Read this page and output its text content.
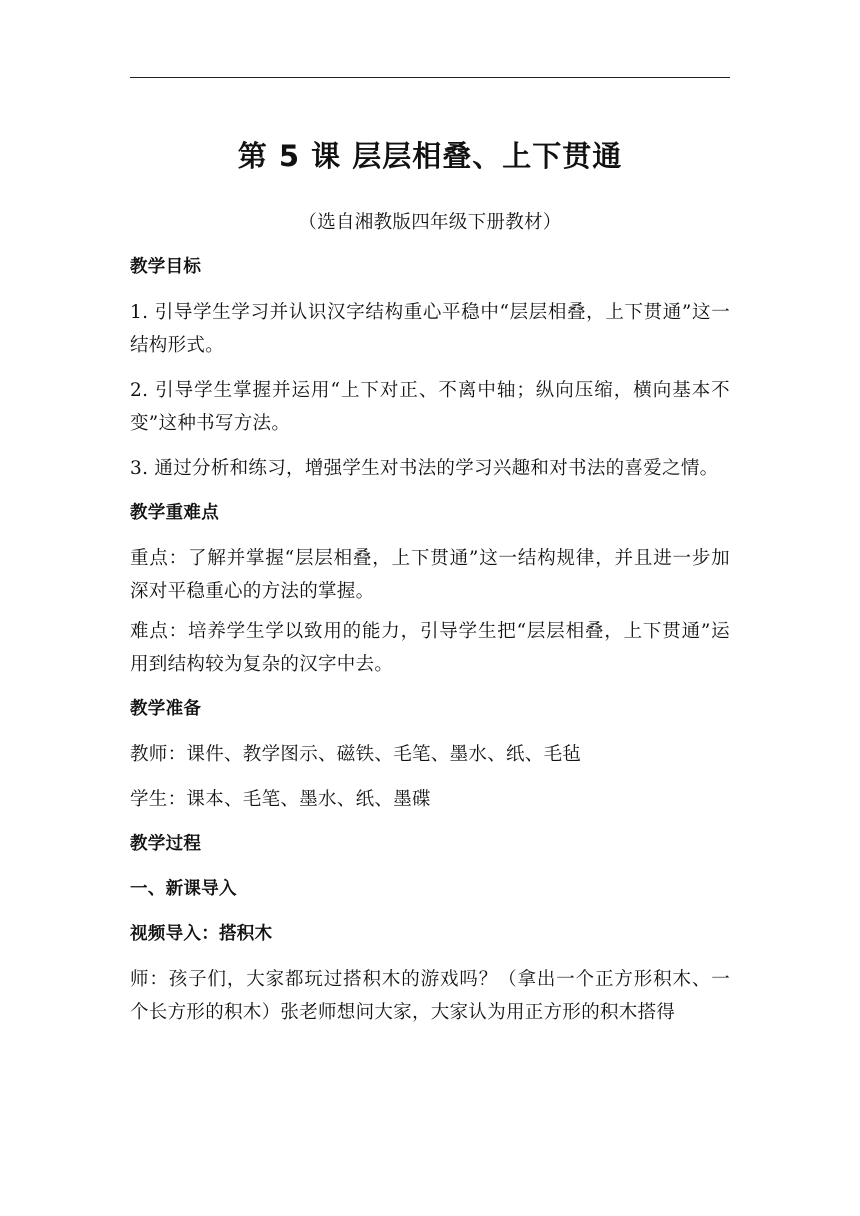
第 5 课 层层相叠、上下贯通
（选自湘教版四年级下册教材）
教学目标
1. 引导学生学习并认识汉字结构重心平稳中“层层相叠，上下贯通”这一结构形式。
2. 引导学生掌握并运用“上下对正、不离中轴；纵向压缩，横向基本不变”这种书写方法。
3. 通过分析和练习，增强学生对书法的学习兴趣和对书法的喜爱之情。
教学重难点
重点：了解并掌握“层层相叠，上下贯通”这一结构规律，并且进一步加深对平稳重心的方法的掌握。
难点：培养学生学以致用的能力，引导学生把“层层相叠，上下贯通”运用到结构较为复杂的汉字中去。
教学准备
教师：课件、教学图示、磁铁、毛笔、墨水、纸、毛毡
学生：课本、毛笔、墨水、纸、墨碟
教学过程
一、新课导入
视频导入：搭积木
师：孩子们，大家都玩过搭积木的游戏吗？（拿出一个正方形积木、一个长方形的积木）张老师想问大家，大家认为用正方形的积木搭得
